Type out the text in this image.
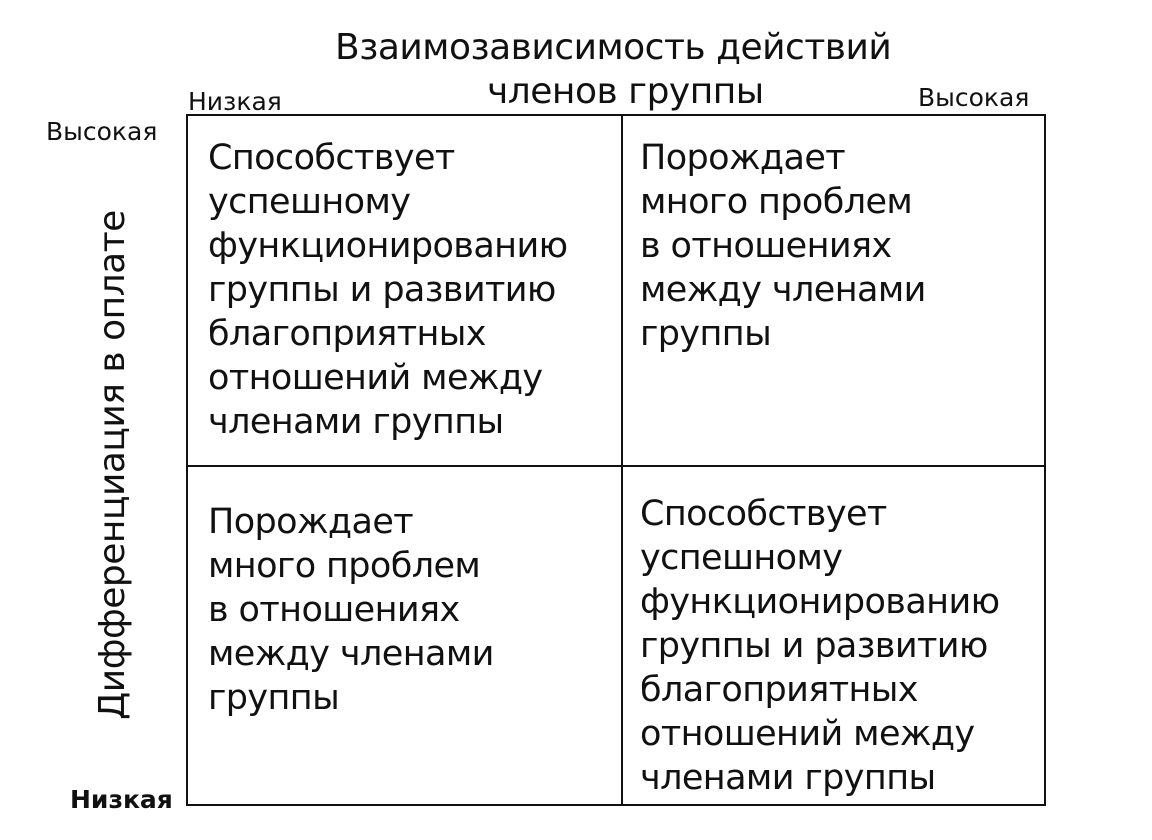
Взаимозависимость действий
членов группы
Низкая	Высокая
Высокая
Низкая
Дифференциация в оплате
Способствует
успешному
функционированию
группы и развитию
благоприятных
отношений между
членами группы
Порождает
много проблем
в отношениях
между членами
группы
Порождает
много проблем
в отношениях
между членами
группы
Способствует
успешному
функционированию
группы и развитию
благоприятных
отношений между
членами группы
